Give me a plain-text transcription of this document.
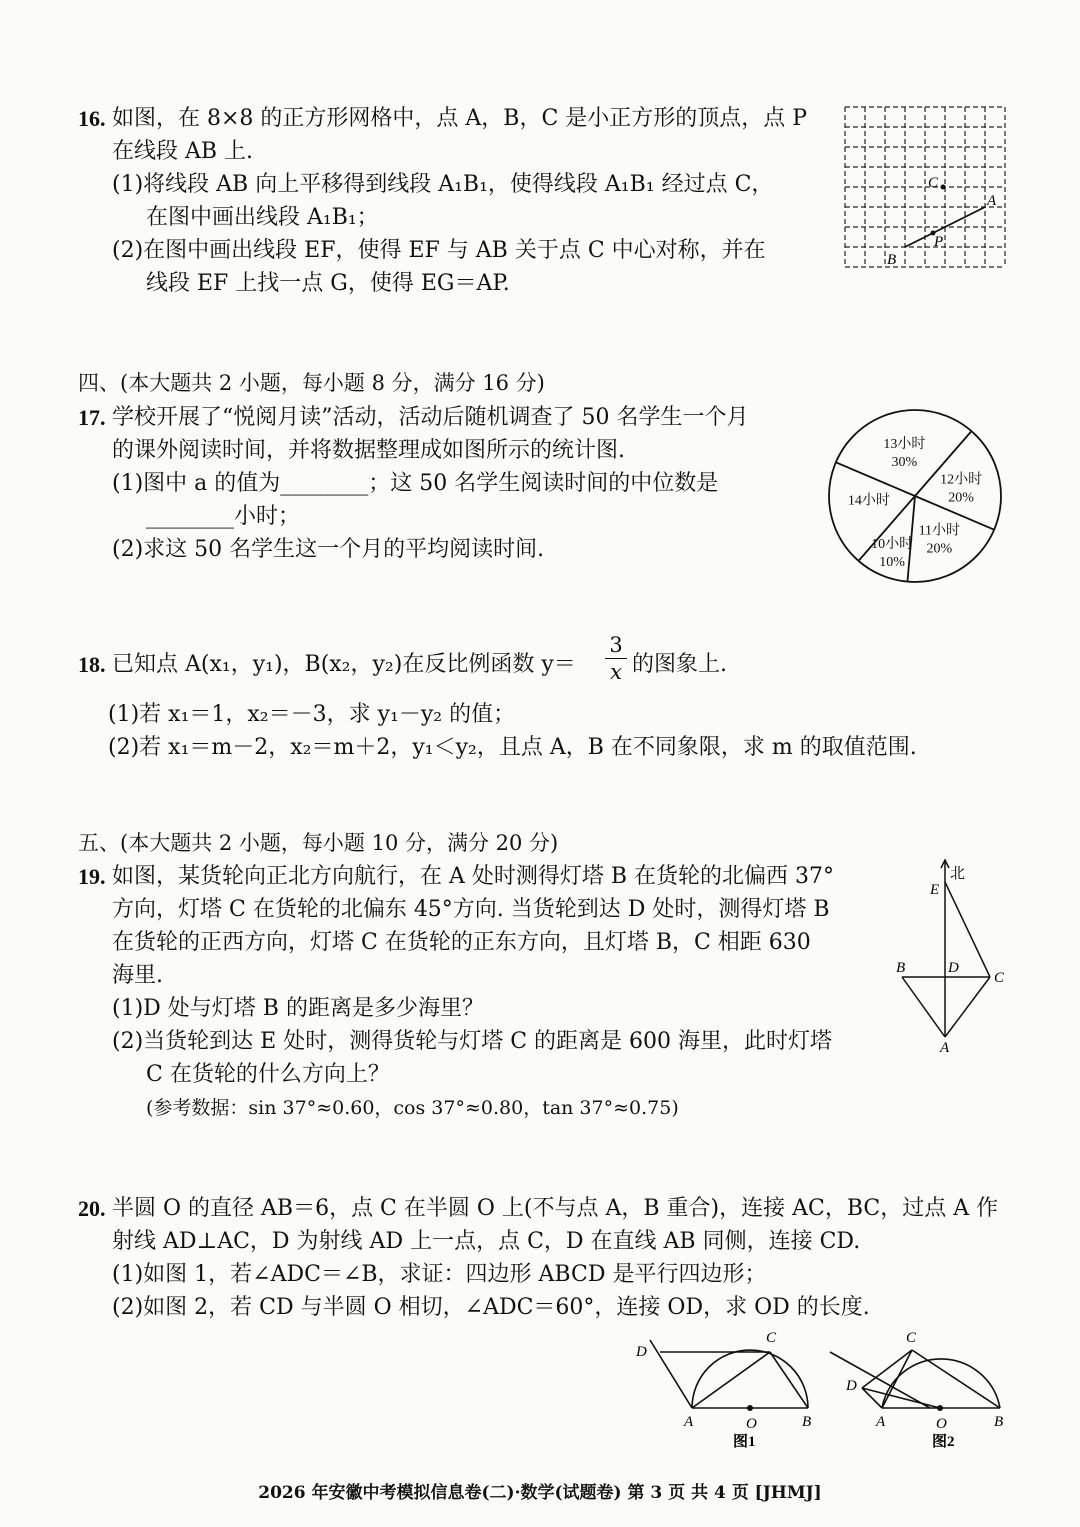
16. 如图，在 8×8 的正方形网格中，点 A，B，C 是小正方形的顶点，点 P
在线段 AB 上.
(1)将线段 AB 向上平移得到线段 A₁B₁，使得线段 A₁B₁ 经过点 C，
在图中画出线段 A₁B₁；
(2)在图中画出线段 EF，使得 EF 与 AB 关于点 C 中心对称，并在
线段 EF 上找一点 G，使得 EG＝AP.
C
A
P
B
四、(本大题共 2 小题，每小题 8 分，满分 16 分)
17. 学校开展了“悦阅月读”活动，活动后随机调查了 50 名学生一个月
的课外阅读时间，并将数据整理成如图所示的统计图.
(1)图中 a 的值为________；这 50 名学生阅读时间的中位数是
________小时；
(2)求这 50 名学生这一个月的平均阅读时间.
13小时
30%
12小时
20%
11小时
20%
10小时
10%
14小时
18. 已知点 A(x₁，y₁)，B(x₂，y₂)在反比例函数 $y= \frac{3}{x}$ 的图象上.
(1)若 x₁＝1，x₂＝－3，求 y₁－y₂ 的值；
(2)若 x₁＝m－2，x₂＝m＋2，y₁＜y₂，且点 A，B 在不同象限，求 m 的取值范围.
五、(本大题共 2 小题，每小题 10 分，满分 20 分)
19. 如图，某货轮向正北方向航行，在 A 处时测得灯塔 B 在货轮的北偏西 37°
方向，灯塔 C 在货轮的北偏东 45°方向. 当货轮到达 D 处时，测得灯塔 B
在货轮的正西方向，灯塔 C 在货轮的正东方向，且灯塔 B，C 相距 630
海里.
(1)D 处与灯塔 B 的距离是多少海里？
(2)当货轮到达 E 处时，测得货轮与灯塔 C 的距离是 600 海里，此时灯塔
C 在货轮的什么方向上？
(参考数据：sin 37°≈0.60，cos 37°≈0.80，tan 37°≈0.75)
北
E
B	D
C
A
20. 半圆 O 的直径 AB＝6，点 C 在半圆 O 上(不与点 A，B 重合)，连接 AC，BC，过点 A 作
射线 AD⊥AC，D 为射线 AD 上一点，点 C，D 在直线 AB 同侧，连接 CD.
(1)如图 1，若∠ADC＝∠B，求证：四边形 ABCD 是平行四边形；
(2)如图 2，若 CD 与半圆 O 相切，∠ADC＝60°，连接 OD，求 OD 的长度.
D
C
A	O	B
图1
C
D
A	O	B
图2
2026 年安徽中考模拟信息卷(二)·数学(试题卷) 第 3 页 共 4 页 [JHMJ]
